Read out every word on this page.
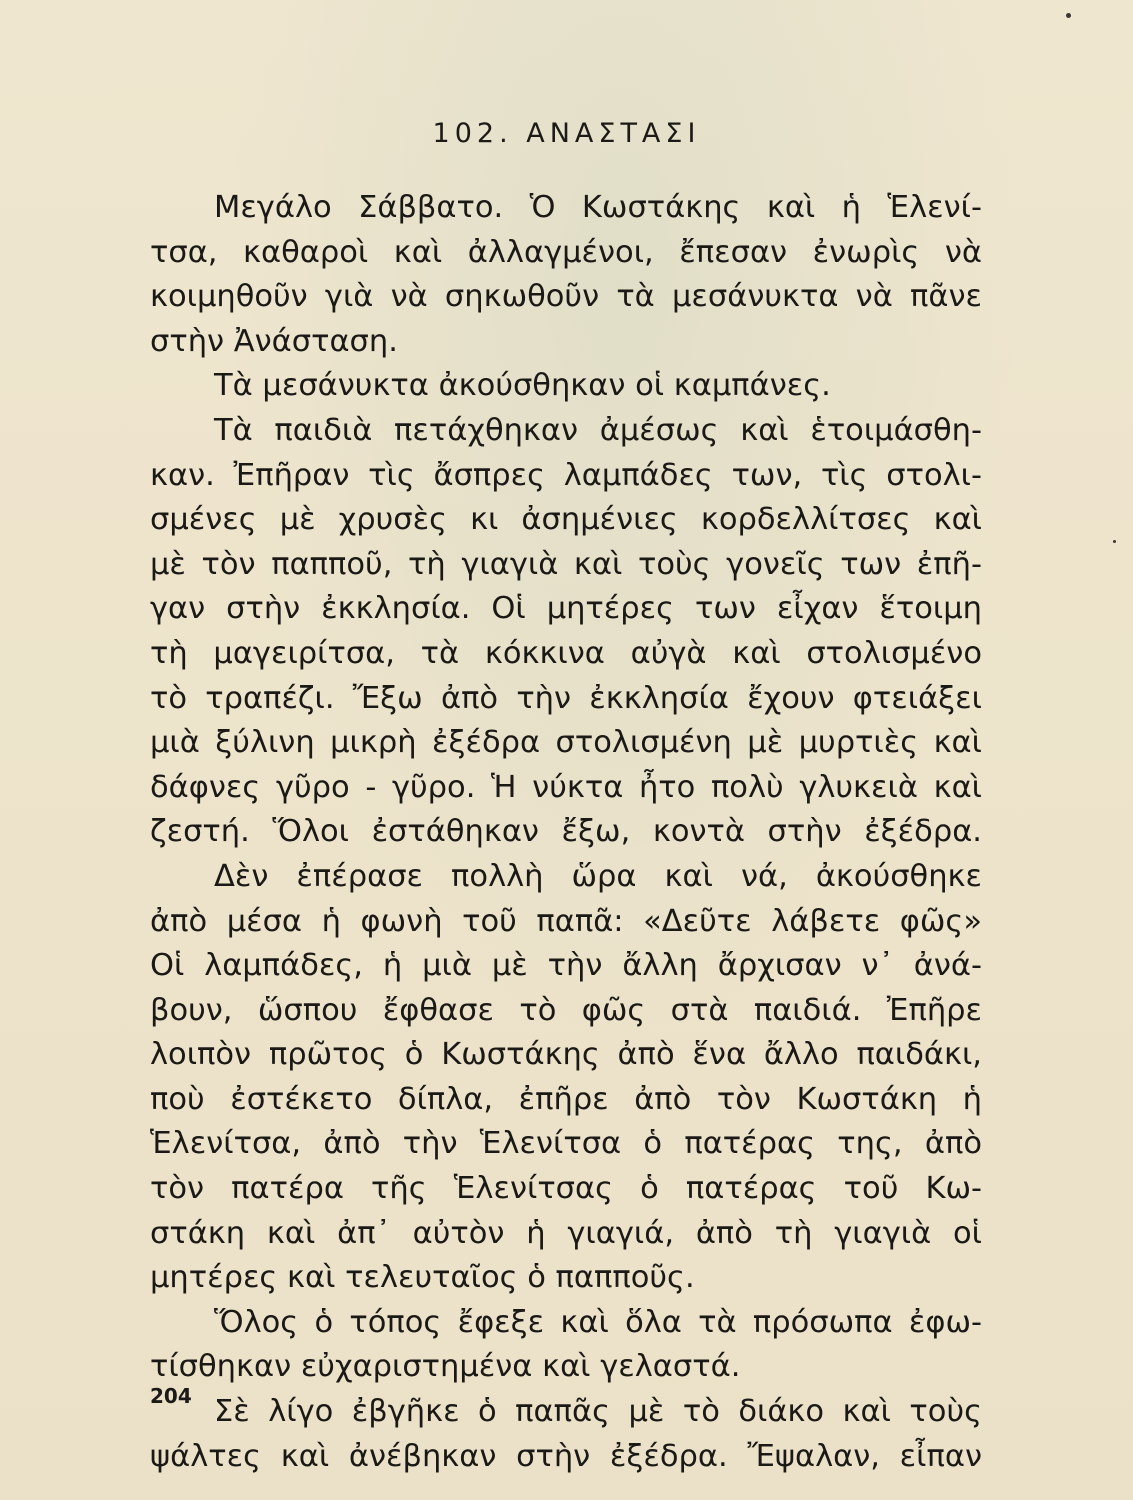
102. ΑΝΑΣΤΑΣΙ
Μεγάλο Σάββατο. Ὁ Κωστάκης καὶ ἡ Ἑλενί-
τσα, καθαροὶ καὶ ἀλλαγμένοι, ἔπεσαν ἐνωρὶς νὰ
κοιμηθοῦν γιὰ νὰ σηκωθοῦν τὰ μεσάνυκτα νὰ πᾶνε
στὴν Ἀνάσταση.
Τὰ μεσάνυκτα ἀκούσθηκαν οἱ καμπάνες.
Τὰ παιδιὰ πετάχθηκαν ἀμέσως καὶ ἑτοιμάσθη-
καν. Ἐπῆραν τὶς ἄσπρες λαμπάδες των, τὶς στολι-
σμένες μὲ χρυσὲς κι ἀσημένιες κορδελλίτσες καὶ
μὲ τὸν παπποῦ, τὴ γιαγιὰ καὶ τοὺς γονεῖς των ἐπῆ-
γαν στὴν ἐκκλησία. Οἱ μητέρες των εἶχαν ἕτοιμη
τὴ μαγειρίτσα, τὰ κόκκινα αὐγὰ καὶ στολισμένο
τὸ τραπέζι. Ἔξω ἀπὸ τὴν ἐκκλησία ἔχουν φτειάξει
μιὰ ξύλινη μικρὴ ἐξέδρα στολισμένη μὲ μυρτιὲς καὶ
δάφνες γῦρο - γῦρο. Ἡ νύκτα ἦτο πολὺ γλυκειὰ καὶ
ζεστή. Ὅλοι ἐστάθηκαν ἔξω, κοντὰ στὴν ἐξέδρα.
Δὲν ἐπέρασε πολλὴ ὥρα καὶ νά, ἀκούσθηκε
ἀπὸ μέσα ἡ φωνὴ τοῦ παπᾶ: «Δεῦτε λάβετε φῶς»
Οἱ λαμπάδες, ἡ μιὰ μὲ τὴν ἄλλη ἄρχισαν ν᾽ ἀνά-
βουν, ὥσπου ἔφθασε τὸ φῶς στὰ παιδιά. Ἐπῆρε
λοιπὸν πρῶτος ὁ Κωστάκης ἀπὸ ἕνα ἄλλο παιδάκι,
ποὺ ἐστέκετο δίπλα, ἐπῆρε ἀπὸ τὸν Κωστάκη ἡ
Ἑλενίτσα, ἀπὸ τὴν Ἑλενίτσα ὁ πατέρας της, ἀπὸ
τὸν πατέρα τῆς Ἑλενίτσας ὁ πατέρας τοῦ Κω-
στάκη καὶ ἀπ᾽ αὐτὸν ἡ γιαγιά, ἀπὸ τὴ γιαγιὰ οἱ
μητέρες καὶ τελευταῖος ὁ παπποῦς.
Ὅλος ὁ τόπος ἔφεξε καὶ ὅλα τὰ πρόσωπα ἐφω-
τίσθηκαν εὐχαριστημένα καὶ γελαστά.
Σὲ λίγο ἐβγῆκε ὁ παπᾶς μὲ τὸ διάκο καὶ τοὺς
ψάλτες καὶ ἀνέβηκαν στὴν ἐξέδρα. Ἔψαλαν, εἶπαν
204
